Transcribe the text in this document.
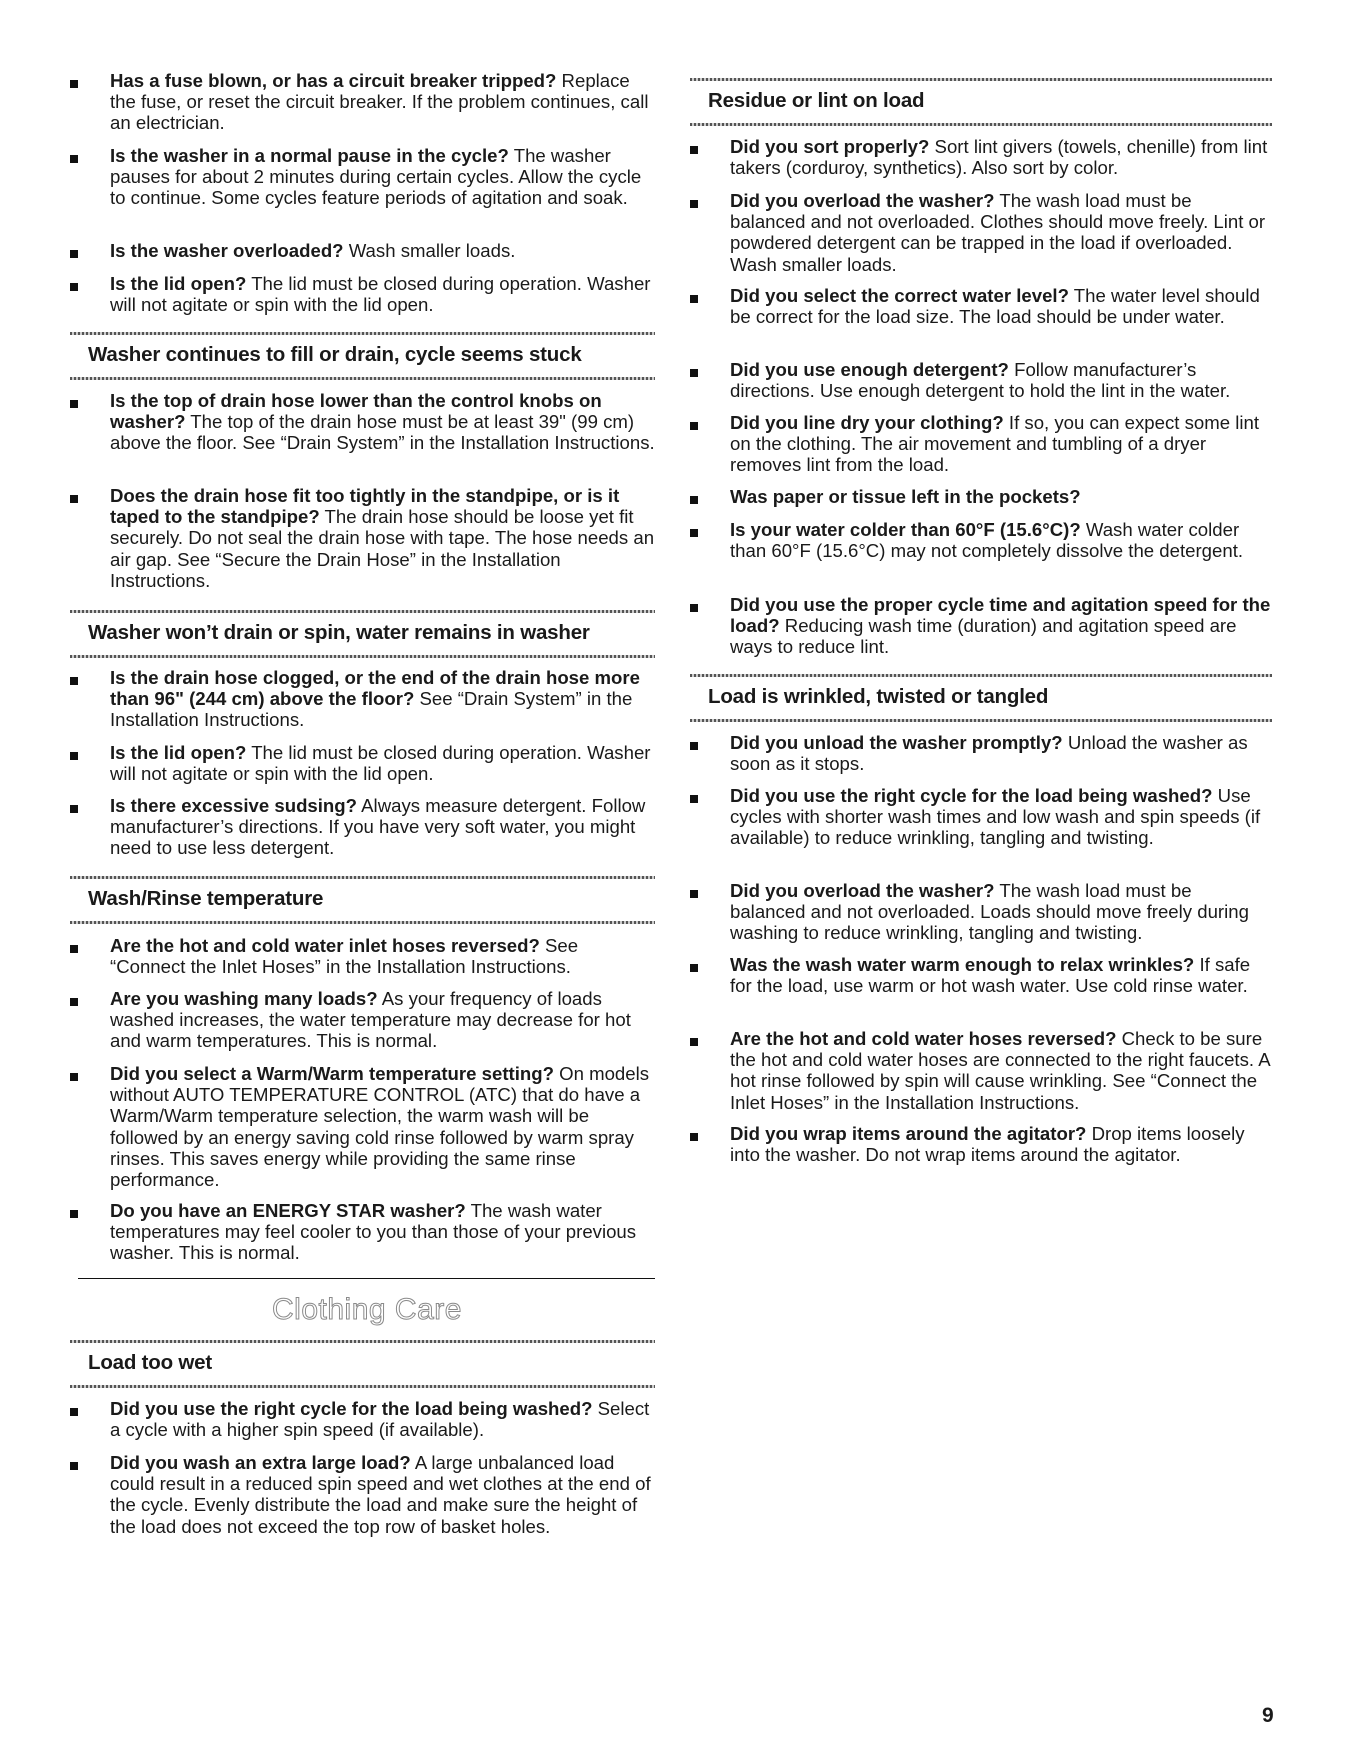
Has a fuse blown, or has a circuit breaker tripped? Replace the fuse, or reset the circuit breaker. If the problem continues, call an electrician.
Is the washer in a normal pause in the cycle? The washer pauses for about 2 minutes during certain cycles. Allow the cycle to continue. Some cycles feature periods of agitation and soak.
Is the washer overloaded? Wash smaller loads.
Is the lid open? The lid must be closed during operation. Washer will not agitate or spin with the lid open.
Washer continues to fill or drain, cycle seems stuck
Is the top of drain hose lower than the control knobs on washer? The top of the drain hose must be at least 39" (99 cm) above the floor. See “Drain System” in the Installation Instructions.
Does the drain hose fit too tightly in the standpipe, or is it taped to the standpipe? The drain hose should be loose yet fit securely. Do not seal the drain hose with tape. The hose needs an air gap. See “Secure the Drain Hose” in the Installation Instructions.
Washer won’t drain or spin, water remains in washer
Is the drain hose clogged, or the end of the drain hose more than 96" (244 cm) above the floor? See “Drain System” in the Installation Instructions.
Is the lid open? The lid must be closed during operation. Washer will not agitate or spin with the lid open.
Is there excessive sudsing? Always measure detergent. Follow manufacturer’s directions. If you have very soft water, you might need to use less detergent.
Wash/Rinse temperature
Are the hot and cold water inlet hoses reversed? See “Connect the Inlet Hoses” in the Installation Instructions.
Are you washing many loads? As your frequency of loads washed increases, the water temperature may decrease for hot and warm temperatures. This is normal.
Did you select a Warm/Warm temperature setting? On models without AUTO TEMPERATURE CONTROL (ATC) that do have a Warm/Warm temperature selection, the warm wash will be followed by an energy saving cold rinse followed by warm spray rinses. This saves energy while providing the same rinse performance.
Do you have an ENERGY STAR washer? The wash water temperatures may feel cooler to you than those of your previous washer. This is normal.
Clothing Care
Load too wet
Did you use the right cycle for the load being washed? Select a cycle with a higher spin speed (if available).
Did you wash an extra large load? A large unbalanced load could result in a reduced spin speed and wet clothes at the end of the cycle. Evenly distribute the load and make sure the height of the load does not exceed the top row of basket holes.
Residue or lint on load
Did you sort properly? Sort lint givers (towels, chenille) from lint takers (corduroy, synthetics). Also sort by color.
Did you overload the washer? The wash load must be balanced and not overloaded. Clothes should move freely. Lint or powdered detergent can be trapped in the load if overloaded. Wash smaller loads.
Did you select the correct water level? The water level should be correct for the load size. The load should be under water.
Did you use enough detergent? Follow manufacturer’s directions. Use enough detergent to hold the lint in the water.
Did you line dry your clothing? If so, you can expect some lint on the clothing. The air movement and tumbling of a dryer removes lint from the load.
Was paper or tissue left in the pockets?
Is your water colder than 60°F (15.6°C)? Wash water colder than 60°F (15.6°C) may not completely dissolve the detergent.
Did you use the proper cycle time and agitation speed for the load? Reducing wash time (duration) and agitation speed are ways to reduce lint.
Load is wrinkled, twisted or tangled
Did you unload the washer promptly? Unload the washer as soon as it stops.
Did you use the right cycle for the load being washed? Use cycles with shorter wash times and low wash and spin speeds (if available) to reduce wrinkling, tangling and twisting.
Did you overload the washer? The wash load must be balanced and not overloaded. Loads should move freely during washing to reduce wrinkling, tangling and twisting.
Was the wash water warm enough to relax wrinkles? If safe for the load, use warm or hot wash water. Use cold rinse water.
Are the hot and cold water hoses reversed? Check to be sure the hot and cold water hoses are connected to the right faucets. A hot rinse followed by spin will cause wrinkling. See “Connect the Inlet Hoses” in the Installation Instructions.
Did you wrap items around the agitator? Drop items loosely into the washer. Do not wrap items around the agitator.
9
